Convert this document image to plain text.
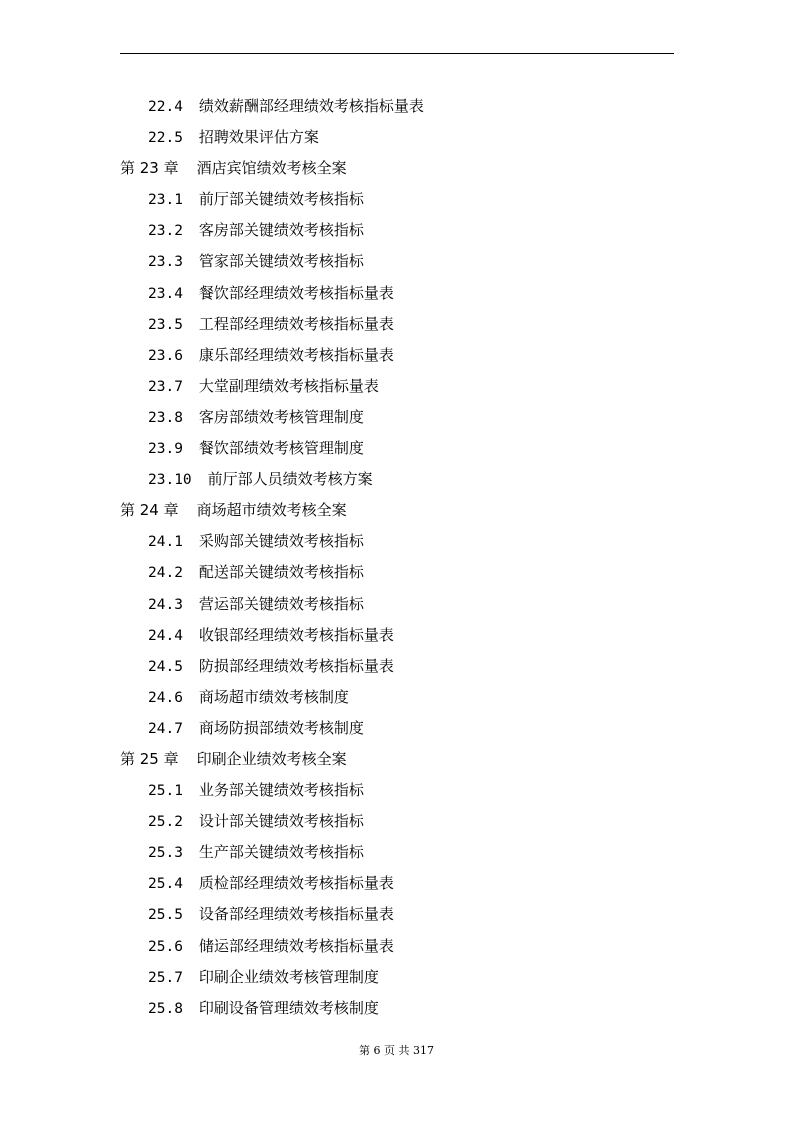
22.4 绩效薪酬部经理绩效考核指标量表
22.5 招聘效果评估方案
第 23 章 酒店宾馆绩效考核全案
23.1 前厅部关键绩效考核指标
23.2 客房部关键绩效考核指标
23.3 管家部关键绩效考核指标
23.4 餐饮部经理绩效考核指标量表
23.5 工程部经理绩效考核指标量表
23.6 康乐部经理绩效考核指标量表
23.7 大堂副理绩效考核指标量表
23.8 客房部绩效考核管理制度
23.9 餐饮部绩效考核管理制度
23.10 前厅部人员绩效考核方案
第 24 章 商场超市绩效考核全案
24.1 采购部关键绩效考核指标
24.2 配送部关键绩效考核指标
24.3 营运部关键绩效考核指标
24.4 收银部经理绩效考核指标量表
24.5 防损部经理绩效考核指标量表
24.6 商场超市绩效考核制度
24.7 商场防损部绩效考核制度
第 25 章 印刷企业绩效考核全案
25.1 业务部关键绩效考核指标
25.2 设计部关键绩效考核指标
25.3 生产部关键绩效考核指标
25.4 质检部经理绩效考核指标量表
25.5 设备部经理绩效考核指标量表
25.6 储运部经理绩效考核指标量表
25.7 印刷企业绩效考核管理制度
25.8 印刷设备管理绩效考核制度
第 6 页 共 317
